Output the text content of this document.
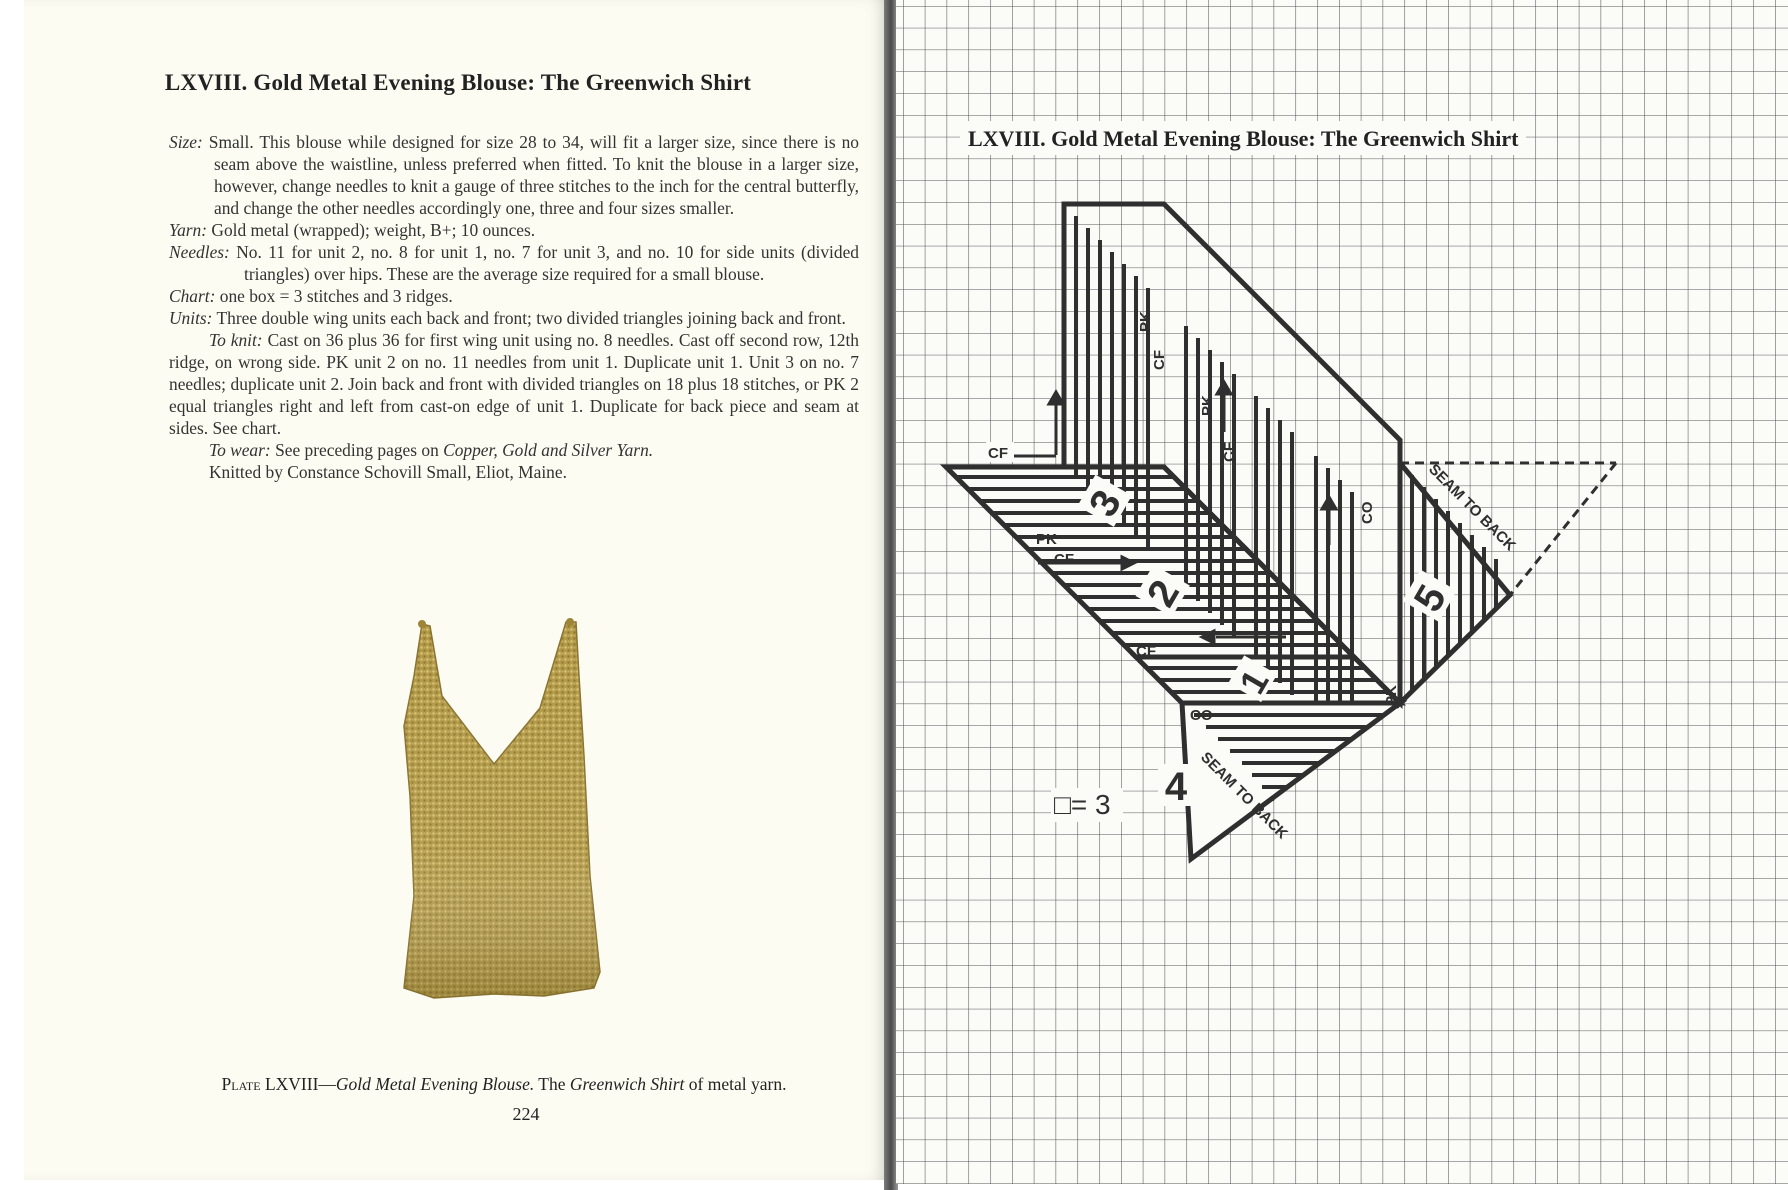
LXVIII. Gold Metal Evening Blouse: The Greenwich Shirt

Size: Small. This blouse while designed for size 28 to 34, will fit a larger size, since there is no seam above the waistline, unless preferred when fitted. To knit the blouse in a larger size, however, change needles to knit a gauge of three stitches to the inch for the central butterfly, and change the other needles accordingly one, three and four sizes smaller.

Yarn: Gold metal (wrapped); weight, B+; 10 ounces.

Needles: No. 11 for unit 2, no. 8 for unit 1, no. 7 for unit 3, and no. 10 for side units (divided triangles) over hips. These are the average size required for a small blouse.

Chart: one box = 3 stitches and 3 ridges.

Units: Three double wing units each back and front; two divided triangles joining back and front.

To knit: Cast on 36 plus 36 for first wing unit using no. 8 needles. Cast off second row, 12th ridge, on wrong side. PK unit 2 on no. 11 needles from unit 1. Duplicate unit 1. Unit 3 on no. 7 needles; duplicate unit 2. Join back and front with divided triangles on 18 plus 18 stitches, or PK 2 equal triangles right and left from cast-on edge of unit 1. Duplicate for back piece and seam at sides. See chart.

To wear: See preceding pages on Copper, Gold and Silver Yarn.

Knitted by Constance Schovill Small, Eliot, Maine.

Plate LXVIII—Gold Metal Evening Blouse. The Greenwich Shirt of metal yarn.
224
LXVIII. Gold Metal Evening Blouse: The Greenwich Shirt
3
2
1
4
5
CF
PK
CF
CF
CO
PK
CF
PK
CF
CO
PK
SEAM TO BACK
SEAM TO BACK
□= 3
